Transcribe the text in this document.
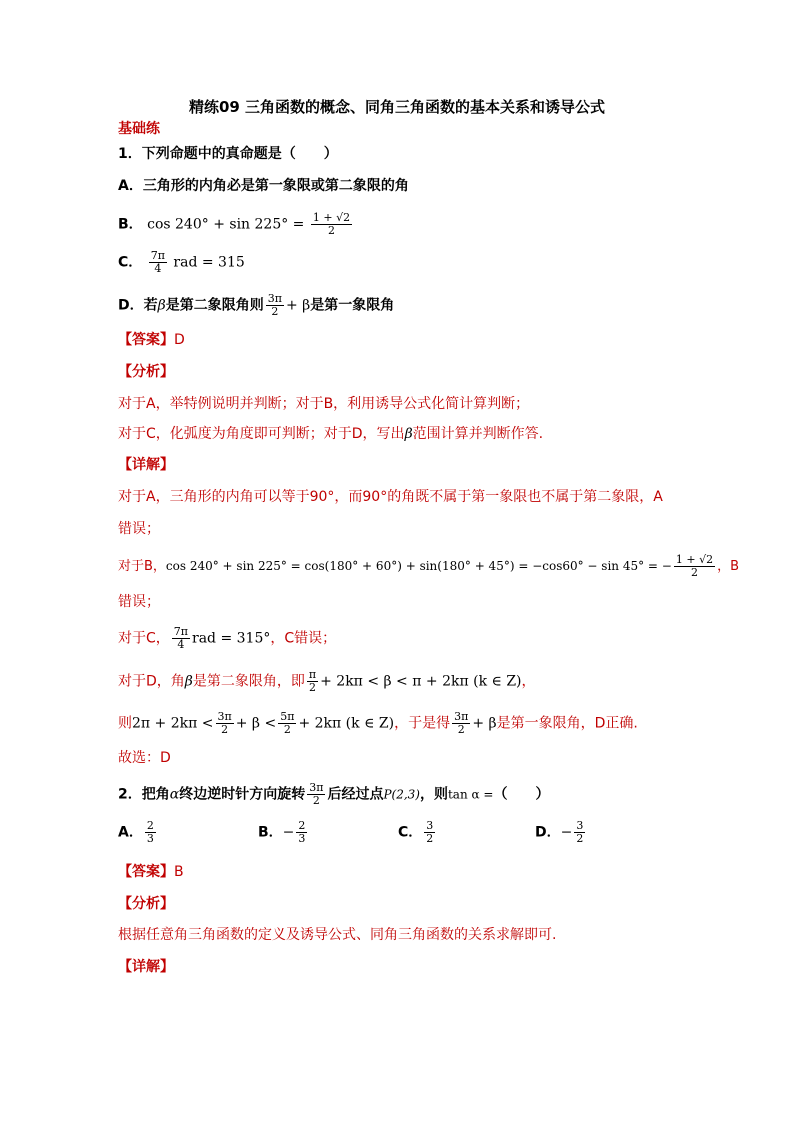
精练09 三角函数的概念、同角三角函数的基本关系和诱导公式
基础练
1．下列命题中的真命题是（　　）
A．三角形的内角必是第一象限或第二象限的角
B． $\cos 240^\circ + \sin 225^\circ = \frac{1 + √2}{2}$
C． $\frac{7\pi}{4}$ rad = 315
D．若β是第二象限角则 $\frac{3\pi}{2} + \beta$是第一象限角
【答案】D
【分析】
对于A，举特例说明并判断；对于B，利用诱导公式化简计算判断；
对于C，化弧度为角度即可判断；对于D，写出β范围计算并判断作答.
【详解】
对于A，三角形的内角可以等于90°，而90°的角既不属于第一象限也不属于第二象限，A
错误；
对于B，cos 240° + sin 225° = cos(180° + 60°) + sin(180° + 45°) = −cos60° − sin 45° = − $\frac{1 + √2}{2}$ ，B
错误；
对于C， $\frac{7\pi}{4}$ rad = 315°，C错误；
对于D，角β是第二象限角，即 $\frac{\pi}{2} + 2k\pi < \beta < \pi + 2k\pi$ (k ∈ Z)，
则$2\pi + 2k\pi < \frac{3\pi}{2} + \beta < \frac{5\pi}{2} + 2k\pi$ (k ∈ Z)，于是得 $\frac{3\pi}{2} + \beta$是第一象限角，D正确.
故选：D
2．把角α终边逆时针方向旋转 $\frac{3\pi}{2}$ 后经过点P(2,3)，则tan α =（　　）
A． $\frac{2}{3}$	B．− $\frac{2}{3}$	C． $\frac{3}{2}$	D．− $\frac{3}{2}$
【答案】B
【分析】
根据任意角三角函数的定义及诱导公式、同角三角函数的关系求解即可.
【详解】
